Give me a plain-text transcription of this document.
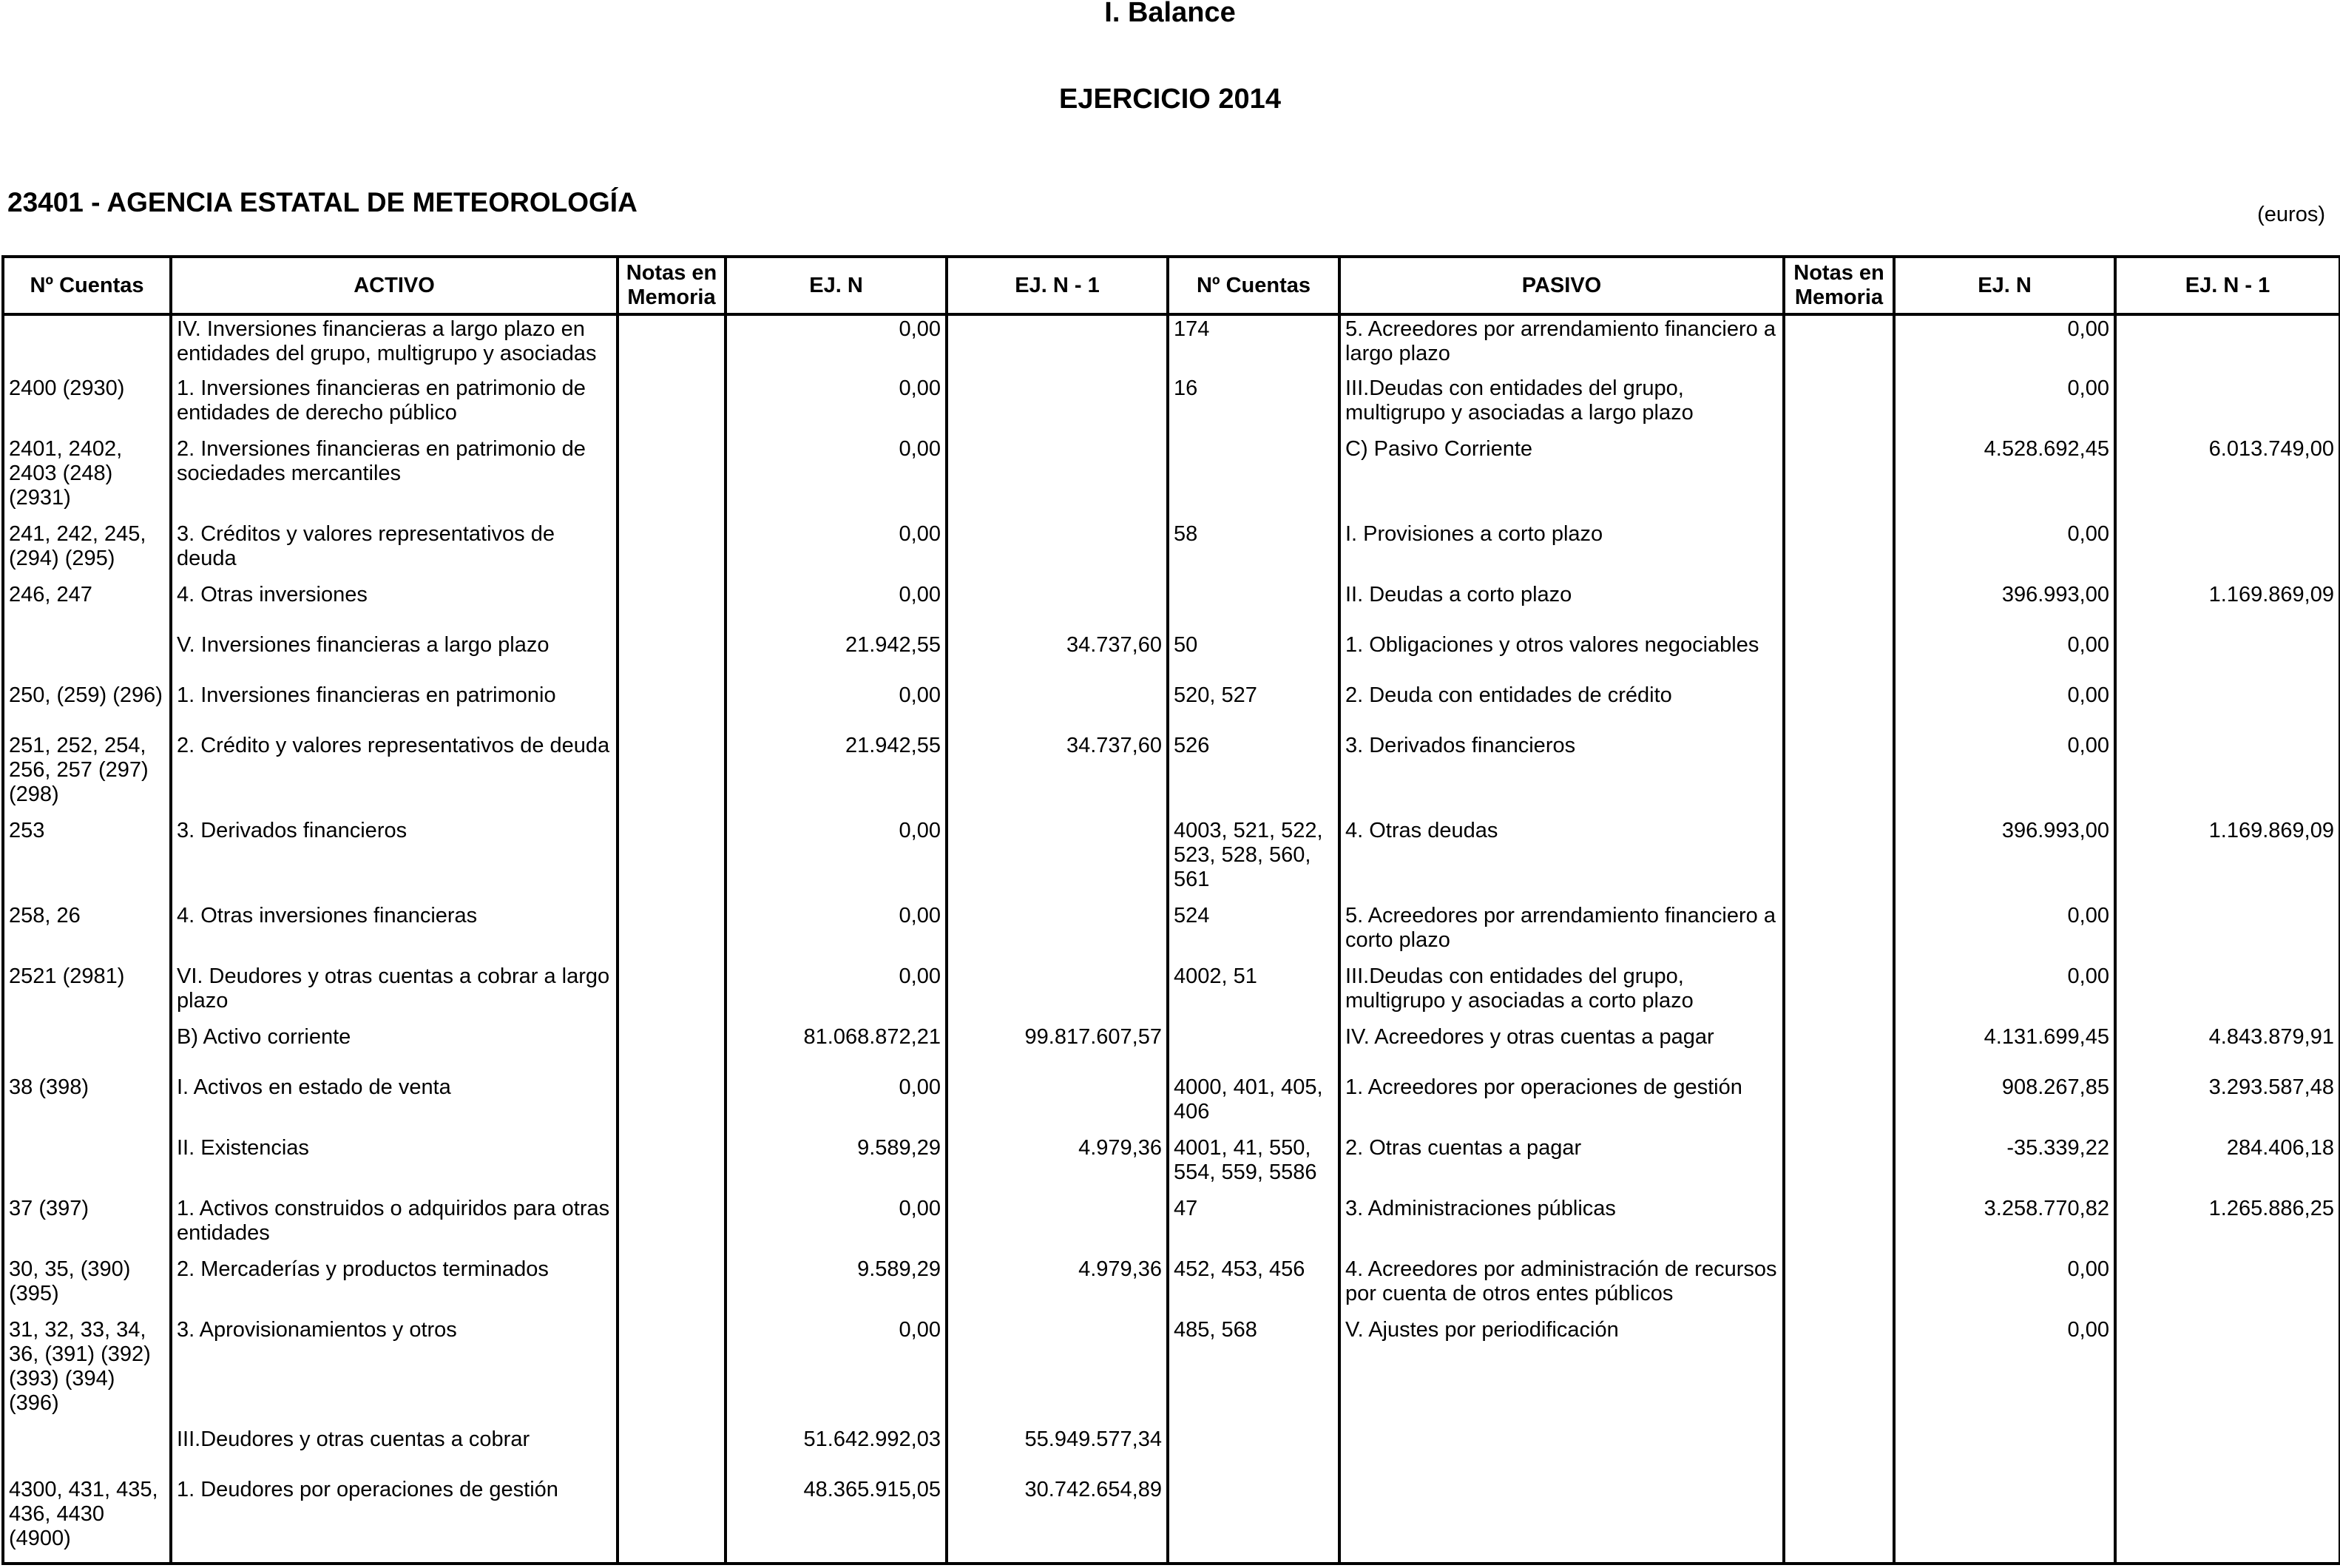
I. Balance
EJERCICIO 2014
23401 - AGENCIA ESTATAL DE METEOROLOGÍA	(euros)
Nº Cuentas	ACTIVO	Notas en Memoria	EJ. N	EJ. N - 1	Nº Cuentas	PASIVO	Notas en Memoria	EJ. N	EJ. N - 1
	IV. Inversiones financieras a largo plazo en entidades del grupo, multigrupo y asociadas		0,00		174	5. Acreedores por arrendamiento financiero a largo plazo		0,00	
2400 (2930)	1. Inversiones financieras en patrimonio de entidades de derecho público		0,00		16	III.Deudas con entidades del grupo, multigrupo y asociadas a largo plazo		0,00	
2401, 2402, 2403 (248) (2931)	2. Inversiones financieras en patrimonio de sociedades mercantiles		0,00			C) Pasivo Corriente		4.528.692,45	6.013.749,00
241, 242, 245, (294) (295)	3. Créditos y valores representativos de deuda		0,00		58	I. Provisiones a corto plazo		0,00	
246, 247	4. Otras inversiones		0,00			II. Deudas a corto plazo		396.993,00	1.169.869,09
	V. Inversiones financieras a largo plazo		21.942,55	34.737,60	50	1. Obligaciones y otros valores negociables		0,00	
250, (259) (296)	1. Inversiones financieras en patrimonio		0,00		520, 527	2. Deuda con entidades de crédito		0,00	
251, 252, 254, 256, 257 (297) (298)	2. Crédito y valores representativos de deuda		21.942,55	34.737,60	526	3. Derivados financieros		0,00	
253	3. Derivados financieros		0,00		4003, 521, 522, 523, 528, 560, 561	4. Otras deudas		396.993,00	1.169.869,09
258, 26	4. Otras inversiones financieras		0,00		524	5. Acreedores por arrendamiento financiero a corto plazo		0,00	
2521 (2981)	VI. Deudores y otras cuentas a cobrar a largo plazo		0,00		4002, 51	III.Deudas con entidades del grupo, multigrupo y asociadas a corto plazo		0,00	
	B) Activo corriente		81.068.872,21	99.817.607,57		IV. Acreedores y otras cuentas a pagar		4.131.699,45	4.843.879,91
38 (398)	I. Activos en estado de venta		0,00		4000, 401, 405, 406	1. Acreedores por operaciones de gestión		908.267,85	3.293.587,48
	II. Existencias		9.589,29	4.979,36	4001, 41, 550, 554, 559, 5586	2. Otras cuentas a pagar		-35.339,22	284.406,18
37 (397)	1. Activos construidos o adquiridos para otras entidades		0,00		47	3. Administraciones públicas		3.258.770,82	1.265.886,25
30, 35, (390) (395)	2. Mercaderías y productos terminados		9.589,29	4.979,36	452, 453, 456	4. Acreedores por administración de recursos por cuenta de otros entes públicos		0,00	
31, 32, 33, 34, 36, (391) (392) (393) (394) (396)	3. Aprovisionamientos y otros		0,00		485, 568	V. Ajustes por periodificación		0,00	
	III.Deudores y otras cuentas a cobrar		51.642.992,03	55.949.577,34					
4300, 431, 435, 436, 4430 (4900)	1. Deudores por operaciones de gestión		48.365.915,05	30.742.654,89					
